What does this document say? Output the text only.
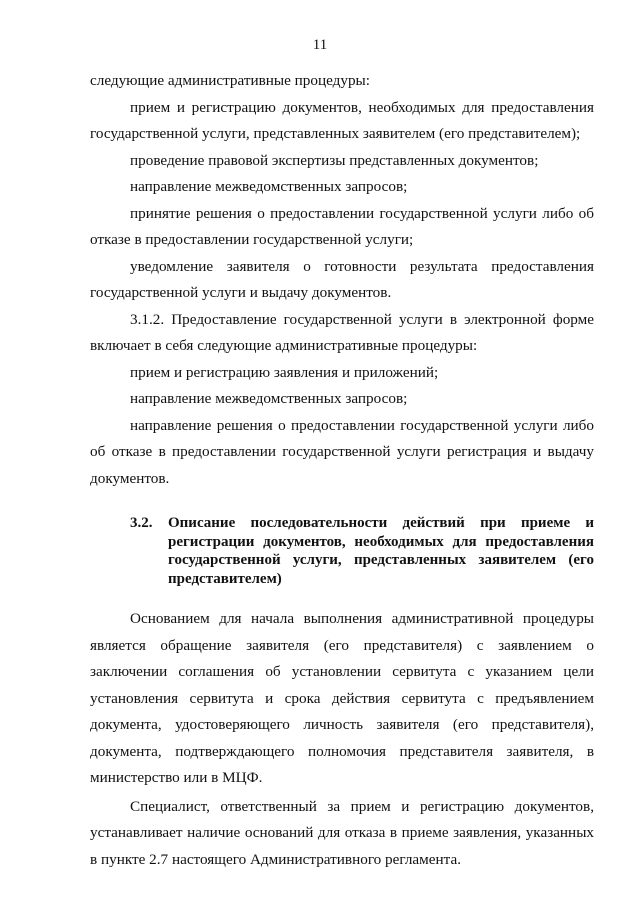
11

следующие административные процедуры:

прием и регистрацию документов, необходимых для предоставления государственной услуги, представленных заявителем (его представителем);

проведение правовой экспертизы представленных документов;

направление межведомственных запросов;

принятие решения о предоставлении государственной услуги либо об отказе в предоставлении государственной услуги;

уведомление заявителя о готовности результата предоставления государственной услуги и выдачу документов.

3.1.2. Предоставление государственной услуги в электронной форме включает в себя следующие административные процедуры:

прием и регистрацию заявления и приложений;

направление межведомственных запросов;

направление решения о предоставлении государственной услуги либо об отказе в предоставлении государственной услуги регистрация и выдачу документов.

3.2.	Описание последовательности действий при приеме и регистрации документов, необходимых для предоставления государственной услуги, представленных заявителем (его представителем)

Основанием для начала выполнения административной процедуры является обращение заявителя (его представителя) с заявлением о заключении соглашения об установлении сервитута с указанием цели установления сервитута и срока действия сервитута с предъявлением документа, удостоверяющего личность заявителя (его представителя), документа, подтверждающего полномочия представителя заявителя, в министерство или в МЦФ.

Специалист, ответственный за прием и регистрацию документов, устанавливает наличие оснований для отказа в приеме заявления, указанных в пункте 2.7 настоящего Административного регламента.
